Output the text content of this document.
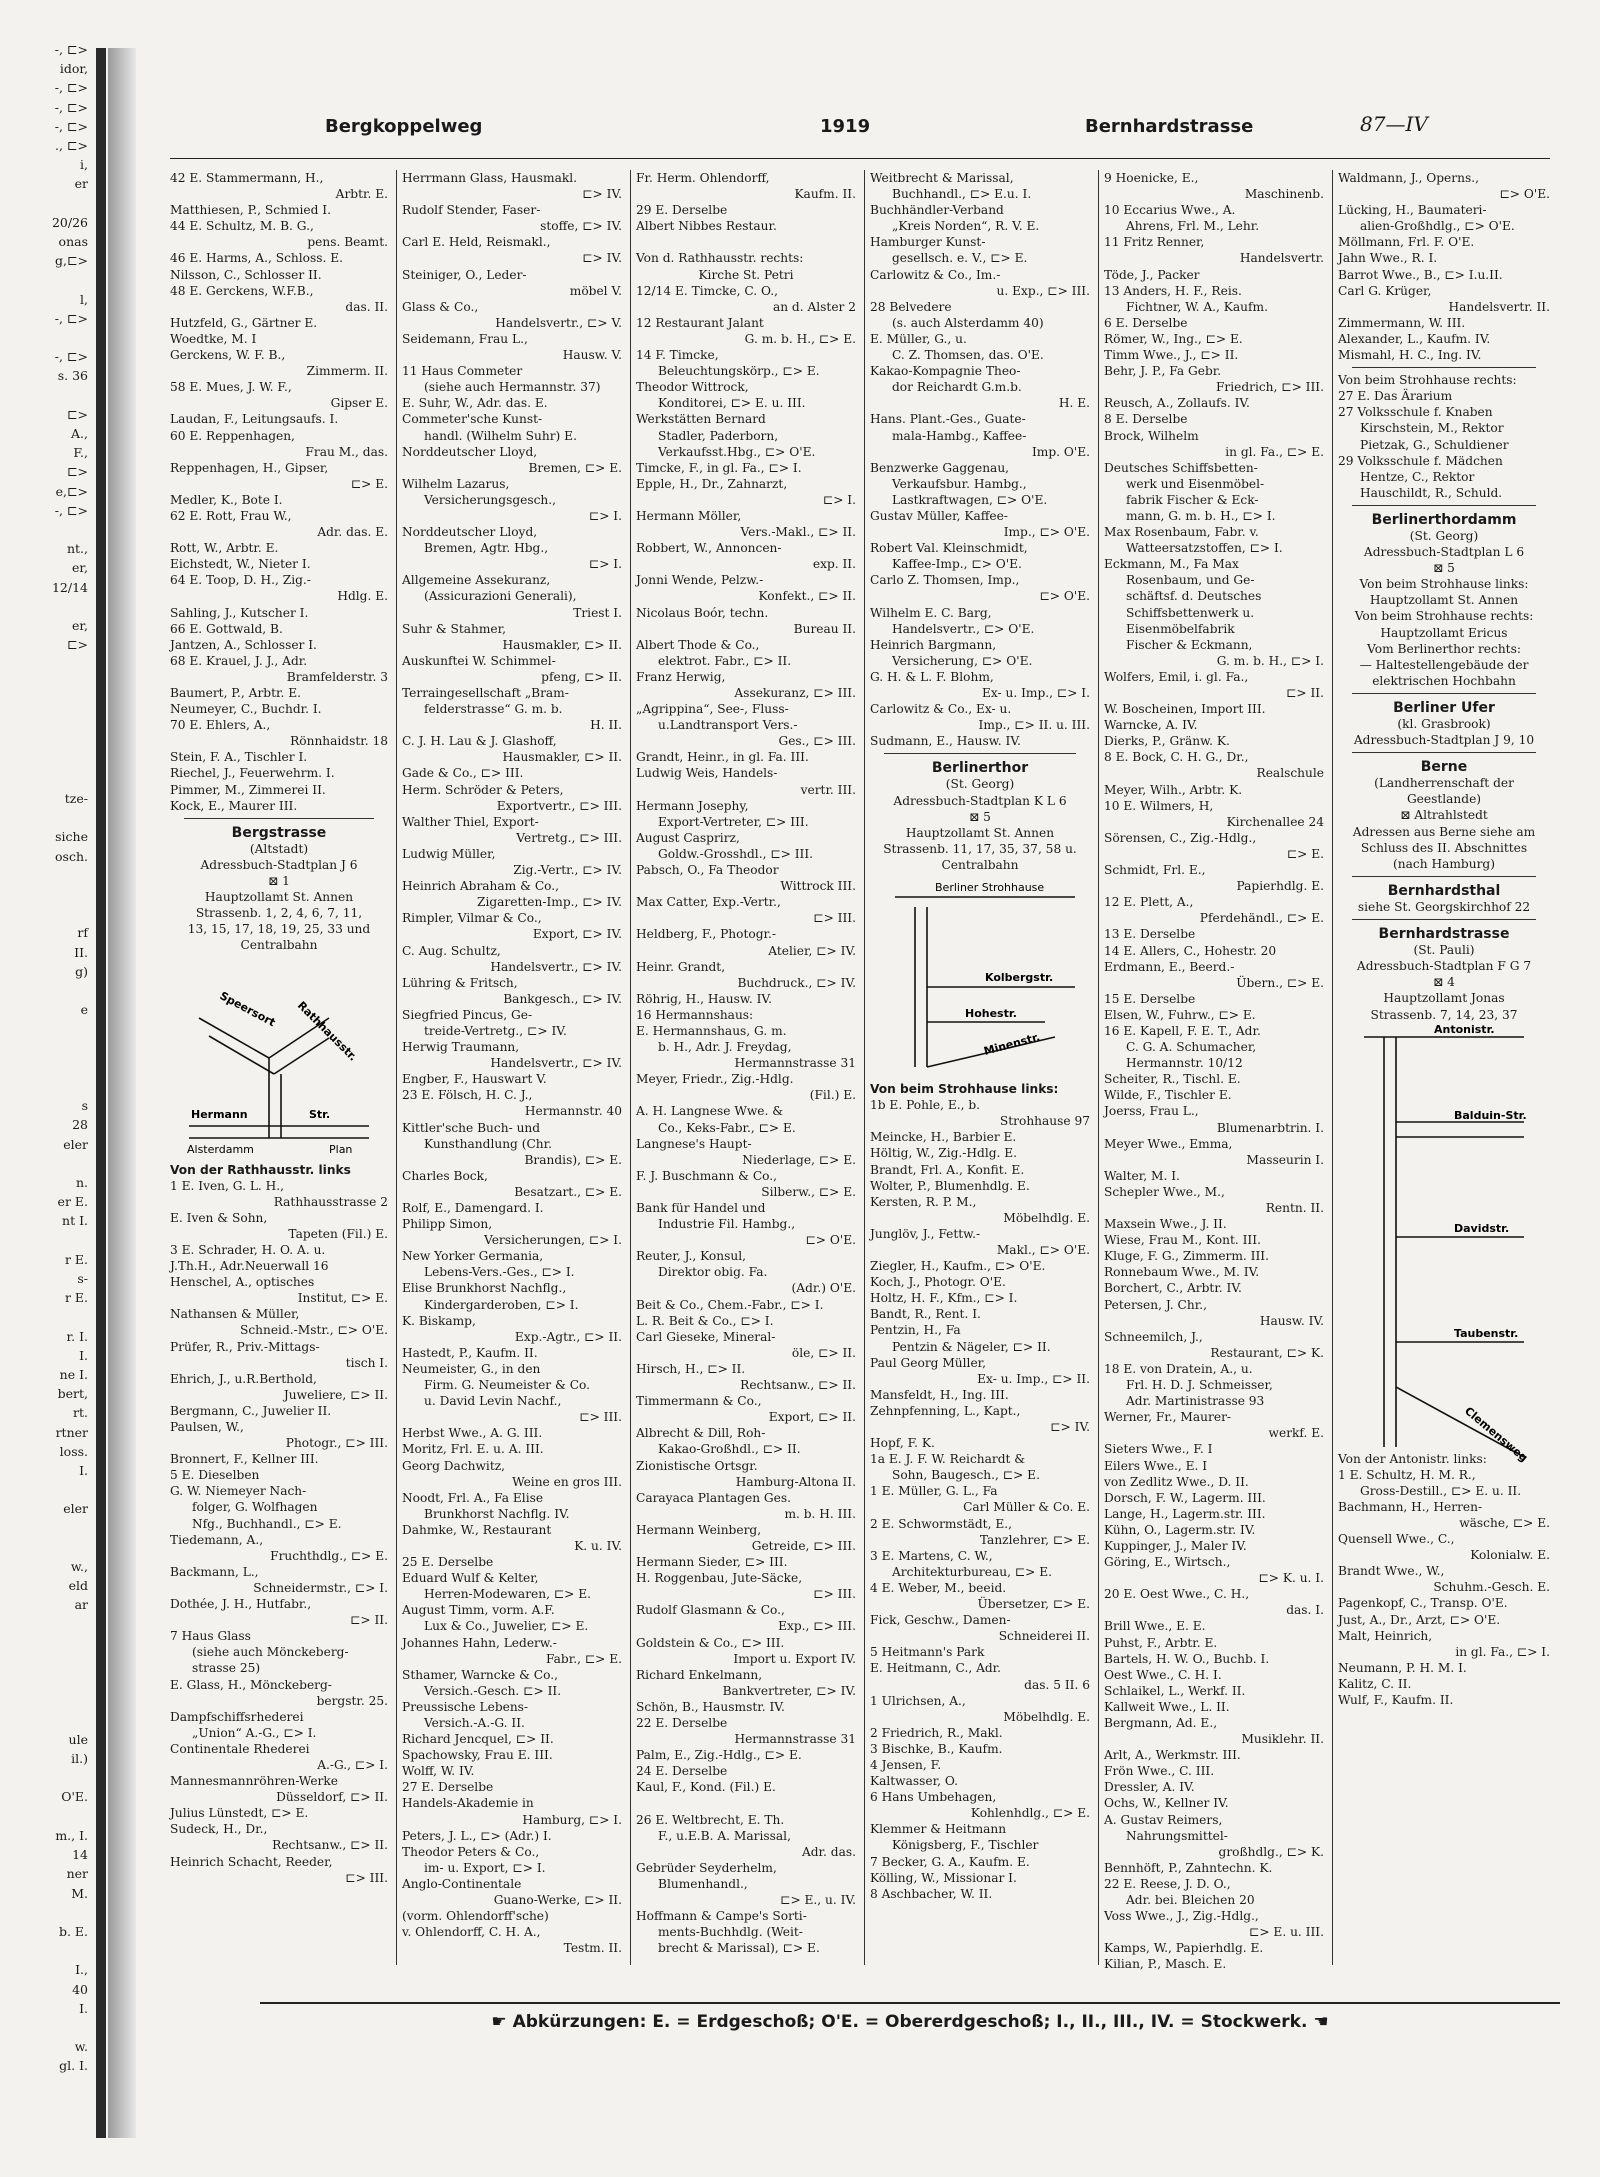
-, ⊏>
idor,
-, ⊏>
-, ⊏>
-, ⊏>
., ⊏>
i,
er

20/26
onas
g,⊏>

l,
-, ⊏>

-, ⊏>
s. 36

⊏>
A.,
F.,
⊏>
e,⊏>
-, ⊏>

nt.,
er,
12/14

er,
⊏>

tze-

siche
osch.

rf
II.
g)

e

s
28
eler

n.
er E.
nt I.

r E.
s-
r E.

r. I.
I.
ne I.
bert,
rt.
rtner
loss.
I.

eler

w.,
eld
ar

ule
il.)

O'E.

m., I.
14
ner
M.

b. E.

I.,
40
I.

w.
gl. I.
Bergkoppelweg	1919	Bernhardstrasse	87—IV
42 E. Stammermann, H.,
Arbtr. E.
Matthiesen, P., Schmied I.
44 E. Schultz, M. B. G.,
pens. Beamt.
46 E. Harms, A., Schloss. E.
Nilsson, C., Schlosser II.
48 E. Gerckens, W.F.B.,
das. II.
Hutzfeld, G., Gärtner E.
Woedtke, M. I
Gerckens, W. F. B.,
Zimmerm. II.
58 E. Mues, J. W. F.,
Gipser E.
Laudan, F., Leitungsaufs. I.
60 E. Reppenhagen,
Frau M., das.
Reppenhagen, H., Gipser,
⊏> E.
Medler, K., Bote I.
62 E. Rott, Frau W.,
Adr. das. E.
Rott, W., Arbtr. E.
Eichstedt, W., Nieter I.
64 E. Toop, D. H., Zig.-
Hdlg. E.
Sahling, J., Kutscher I.
66 E. Gottwald, B.
Jantzen, A., Schlosser I.
68 E. Krauel, J. J., Adr.
Bramfelderstr. 3
Baumert, P., Arbtr. E.
Neumeyer, C., Buchdr. I.
70 E. Ehlers, A.,
Rönnhaidstr. 18
Stein, F. A., Tischler I.
Riechel, J., Feuerwehrm. I.
Pimmer, M., Zimmerei II.
Kock, E., Maurer III.
Bergstrasse
(Altstadt)
Adressbuch-Stadtplan J 6
⊠ 1
Hauptzollamt St. Annen
Strassenb. 1, 2, 4, 6, 7, 11,
13, 15, 17, 18, 19, 25, 33 und
Centralbahn
Speersort Rathhausstr.
Hermann	Str.
Alsterdamm	Plan
Von der Rathhausstr. links
1 E. Iven, G. L. H.,
Rathhausstrasse 2
E. Iven & Sohn,
Tapeten (Fil.) E.
3 E. Schrader, H. O. A. u.
J.Th.H., Adr.Neuerwall 16
Henschel, A., optisches
Institut, ⊏> E.
Nathansen & Müller,
Schneid.-Mstr., ⊏> O'E.
Prüfer, R., Priv.-Mittags-
tisch I.
Ehrich, J., u.R.Berthold,
Juweliere, ⊏> II.
Bergmann, C., Juwelier II.
Paulsen, W.,
Photogr., ⊏> III.
Bronnert, F., Kellner III.
5 E. Dieselben
G. W. Niemeyer Nach-
folger, G. Wolfhagen
Nfg., Buchhandl., ⊏> E.
Tiedemann, A.,
Fruchthdlg., ⊏> E.
Backmann, L.,
Schneidermstr., ⊏> I.
Dothée, J. H., Hutfabr.,
⊏> II.
7 Haus Glass
(siehe auch Mönckeberg-
strasse 25)
E. Glass, H., Mönckeberg-
bergstr. 25.
Dampfschiffsrhederei
„Union“ A.-G., ⊏> I.
Continentale Rhederei
A.-G., ⊏> I.
Mannesmannröhren-Werke
Düsseldorf, ⊏> II.
Julius Lünstedt, ⊏> E.
Sudeck, H., Dr.,
Rechtsanw., ⊏> II.
Heinrich Schacht, Reeder,
⊏> III.
Herrmann Glass, Hausmakl.
⊏> IV.
Rudolf Stender, Faser-
stoffe, ⊏> IV.
Carl E. Held, Reismakl.,
⊏> IV.
Steiniger, O., Leder-
möbel V.
Glass & Co.,
Handelsvertr., ⊏> V.
Seidemann, Frau L.,
Hausw. V.
11 Haus Commeter
(siehe auch Hermannstr. 37)
E. Suhr, W., Adr. das. E.
Commeter'sche Kunst-
handl. (Wilhelm Suhr) E.
Norddeutscher Lloyd,
Bremen, ⊏> E.
Wilhelm Lazarus,
Versicherungsgesch.,
⊏> I.
Norddeutscher Lloyd,
Bremen, Agtr. Hbg.,
⊏> I.
Allgemeine Assekuranz,
(Assicurazioni Generali),
Triest I.
Suhr & Stahmer,
Hausmakler, ⊏> II.
Auskunftei W. Schimmel-
pfeng, ⊏> II.
Terraingesellschaft „Bram-
felderstrasse“ G. m. b.
H. II.
C. J. H. Lau & J. Glashoff,
Hausmakler, ⊏> II.
Gade & Co., ⊏> III.
Herm. Schröder & Peters,
Exportvertr., ⊏> III.
Walther Thiel, Export-
Vertretg., ⊏> III.
Ludwig Müller,
Zig.-Vertr., ⊏> IV.
Heinrich Abraham & Co.,
Zigaretten-Imp., ⊏> IV.
Rimpler, Vilmar & Co.,
Export, ⊏> IV.
C. Aug. Schultz,
Handelsvertr., ⊏> IV.
Lühring & Fritsch,
Bankgesch., ⊏> IV.
Siegfried Pincus, Ge-
treide-Vertretg., ⊏> IV.
Herwig Traumann,
Handelsvertr., ⊏> IV.
Engber, F., Hauswart V.
23 E. Fölsch, H. C. J.,
Hermannstr. 40
Kittler'sche Buch- und
Kunsthandlung (Chr.
Brandis), ⊏> E.
Charles Bock,
Besatzart., ⊏> E.
Rolf, E., Damengard. I.
Philipp Simon,
Versicherungen, ⊏> I.
New Yorker Germania,
Lebens-Vers.-Ges., ⊏> I.
Elise Brunkhorst Nachflg.,
Kindergarderoben, ⊏> I.
K. Biskamp,
Exp.-Agtr., ⊏> II.
Hastedt, P., Kaufm. II.
Neumeister, G., in den
Firm. G. Neumeister & Co.
u. David Levin Nachf.,
⊏> III.
Herbst Wwe., A. G. III.
Moritz, Frl. E. u. A. III.
Georg Dachwitz,
Weine en gros III.
Noodt, Frl. A., Fa Elise
Brunkhorst Nachflg. IV.
Dahmke, W., Restaurant
K. u. IV.
25 E. Derselbe
Eduard Wulf & Kelter,
Herren-Modewaren, ⊏> E.
August Timm, vorm. A.F.
Lux & Co., Juwelier, ⊏> E.
Johannes Hahn, Lederw.-
Fabr., ⊏> E.
Sthamer, Warncke & Co.,
Versich.-Gesch. ⊏> II.
Preussische Lebens-
Versich.-A.-G. II.
Richard Jencquel, ⊏> II.
Spachowsky, Frau E. III.
Wolff, W. IV.
27 E. Derselbe
Handels-Akademie in
Hamburg, ⊏> I.
Peters, J. L., ⊏> (Adr.) I.
Theodor Peters & Co.,
im- u. Export, ⊏> I.
Anglo-Continentale
Guano-Werke, ⊏> II.
(vorm. Ohlendorff'sche)
v. Ohlendorff, C. H. A.,
Testm. II.
Fr. Herm. Ohlendorff,
Kaufm. II.
29 E. Derselbe
Albert Nibbes Restaur.

Von d. Rathhausstr. rechts:
Kirche St. Petri
12/14 E. Timcke, C. O.,
an d. Alster 2
12 Restaurant Jalant
G. m. b. H., ⊏> E.
14 F. Timcke,
Beleuchtungskörp., ⊏> E.
Theodor Wittrock,
Konditorei, ⊏> E. u. III.
Werkstätten Bernard
Stadler, Paderborn,
Verkaufsst.Hbg., ⊏> O'E.
Timcke, F., in gl. Fa., ⊏> I.
Epple, H., Dr., Zahnarzt,
⊏> I.
Hermann Möller,
Vers.-Makl., ⊏> II.
Robbert, W., Annoncen-
exp. II.
Jonni Wende, Pelzw.-
Konfekt., ⊏> II.
Nicolaus Boór, techn.
Bureau II.
Albert Thode & Co.,
elektrot. Fabr., ⊏> II.
Franz Herwig,
Assekuranz, ⊏> III.
„Agrippina“, See-, Fluss-
u.Landtransport Vers.-
Ges., ⊏> III.
Grandt, Heinr., in gl. Fa. III.
Ludwig Weis, Handels-
vertr. III.
Hermann Josephy,
Export-Vertreter, ⊏> III.
August Casprirz,
Goldw.-Grosshdl., ⊏> III.
Pabsch, O., Fa Theodor
Wittrock III.
Max Catter, Exp.-Vertr.,
⊏> III.
Heldberg, F., Photogr.-
Atelier, ⊏> IV.
Heinr. Grandt,
Buchdruck., ⊏> IV.
Röhrig, H., Hausw. IV.
16 Hermannshaus:
E. Hermannshaus, G. m.
b. H., Adr. J. Freydag,
Hermannstrasse 31
Meyer, Friedr., Zig.-Hdlg.
(Fil.) E.
A. H. Langnese Wwe. &
Co., Keks-Fabr., ⊏> E.
Langnese's Haupt-
Niederlage, ⊏> E.
F. J. Buschmann & Co.,
Silberw., ⊏> E.
Bank für Handel und
Industrie Fil. Hambg.,
⊏> O'E.
Reuter, J., Konsul,
Direktor obig. Fa.
(Adr.) O'E.
Beit & Co., Chem.-Fabr., ⊏> I.
L. R. Beit & Co., ⊏> I.
Carl Gieseke, Mineral-
öle, ⊏> II.
Hirsch, H., ⊏> II.
Rechtsanw., ⊏> II.
Timmermann & Co.,
Export, ⊏> II.
Albrecht & Dill, Roh-
Kakao-Großhdl., ⊏> II.
Zionistische Ortsgr.
Hamburg-Altona II.
Carayaca Plantagen Ges.
m. b. H. III.
Hermann Weinberg,
Getreide, ⊏> III.
Hermann Sieder, ⊏> III.
H. Roggenbau, Jute-Säcke,
⊏> III.
Rudolf Glasmann & Co.,
Exp., ⊏> III.
Goldstein & Co., ⊏> III.
Import u. Export IV.
Richard Enkelmann,
Bankvertreter, ⊏> IV.
Schön, B., Hausmstr. IV.
22 E. Derselbe
Hermannstrasse 31
Palm, E., Zig.-Hdlg., ⊏> E.
24 E. Derselbe
Kaul, F., Kond. (Fil.) E.

26 E. Weltbrecht, E. Th.
F., u.E.B. A. Marissal,
Adr. das.
Gebrüder Seyderhelm,
Blumenhandl.,
⊏> E., u. IV.
Hoffmann & Campe's Sorti-
ments-Buchhdlg. (Weit-
brecht & Marissal), ⊏> E.
Weitbrecht & Marissal,
Buchhandl., ⊏> E.u. I.
Buchhändler-Verband
„Kreis Norden“, R. V. E.
Hamburger Kunst-
gesellsch. e. V., ⊏> E.
Carlowitz & Co., Im.-
u. Exp., ⊏> III.
28 Belvedere
(s. auch Alsterdamm 40)
E. Müller, G., u.
C. Z. Thomsen, das. O'E.
Kakao-Kompagnie Theo-
dor Reichardt G.m.b.
H. E.
Hans. Plant.-Ges., Guate-
mala-Hambg., Kaffee-
Imp. O'E.
Benzwerke Gaggenau,
Verkaufsbur. Hambg.,
Lastkraftwagen, ⊏> O'E.
Gustav Müller, Kaffee-
Imp., ⊏> O'E.
Robert Val. Kleinschmidt,
Kaffee-Imp., ⊏> O'E.
Carlo Z. Thomsen, Imp.,
⊏> O'E.
Wilhelm E. C. Barg,
Handelsvertr., ⊏> O'E.
Heinrich Bargmann,
Versicherung, ⊏> O'E.
G. H. & L. F. Blohm,
Ex- u. Imp., ⊏> I.
Carlowitz & Co., Ex- u.
Imp., ⊏> II. u. III.
Sudmann, E., Hausw. IV.
Berlinerthor
(St. Georg)
Adressbuch-Stadtplan K L 6
⊠ 5
Hauptzollamt St. Annen
Strassenb. 11, 17, 35, 37, 58 u.
Centralbahn
Berliner Strohhause
Kolbergstr.
Hohestr.
Minenstr.
Von beim Strohhause links:
1b E. Pohle, E., b.
Strohhause 97
Meincke, H., Barbier E.
Höltig, W., Zig.-Hdlg. E.
Brandt, Frl. A., Konfit. E.
Wolter, P., Blumenhdlg. E.
Kersten, R. P. M.,
Möbelhdlg. E.
Junglöv, J., Fettw.-
Makl., ⊏> O'E.
Ziegler, H., Kaufm., ⊏> O'E.
Koch, J., Photogr. O'E.
Holtz, H. F., Kfm., ⊏> I.
Bandt, R., Rent. I.
Pentzin, H., Fa
Pentzin & Nägeler, ⊏> II.
Paul Georg Müller,
Ex- u. Imp., ⊏> II.
Mansfeldt, H., Ing. III.
Zehnpfenning, L., Kapt.,
⊏> IV.
Hopf, F. K.
1a E. J. F. W. Reichardt &
Sohn, Baugesch., ⊏> E.
1 E. Müller, G. L., Fa
Carl Müller & Co. E.
2 E. Schwormstädt, E.,
Tanzlehrer, ⊏> E.
3 E. Martens, C. W.,
Architekturbureau, ⊏> E.
4 E. Weber, M., beeid.
Übersetzer, ⊏> E.
Fick, Geschw., Damen-
Schneiderei II.
5 Heitmann's Park
E. Heitmann, C., Adr.
das. 5 II. 6
1 Ulrichsen, A.,
Möbelhdlg. E.
2 Friedrich, R., Makl.
3 Bischke, B., Kaufm.
4 Jensen, F.
Kaltwasser, O.
6 Hans Umbehagen,
Kohlenhdlg., ⊏> E.
Klemmer & Heitmann
Königsberg, F., Tischler
7 Becker, G. A., Kaufm. E.
Kölling, W., Missionar I.
8 Aschbacher, W. II.
9 Hoenicke, E.,
Maschinenb.
10 Eccarius Wwe., A.
Ahrens, Frl. M., Lehr.
11 Fritz Renner,
Handelsvertr.
Töde, J., Packer
13 Anders, H. F., Reis.
Fichtner, W. A., Kaufm.
6 E. Derselbe
Römer, W., Ing., ⊏> E.
Timm Wwe., J., ⊏> II.
Behr, J. P., Fa Gebr.
Friedrich, ⊏> III.
Reusch, A., Zollaufs. IV.
8 E. Derselbe
Brock, Wilhelm
in gl. Fa., ⊏> E.
Deutsches Schiffsbetten-
werk und Eisenmöbel-
fabrik Fischer & Eck-
mann, G. m. b. H., ⊏> I.
Max Rosenbaum, Fabr. v.
Watteersatzstoffen, ⊏> I.
Eckmann, M., Fa Max
Rosenbaum, und Ge-
schäftsf. d. Deutsches
Schiffsbettenwerk u.
Eisenmöbelfabrik
Fischer & Eckmann,
G. m. b. H., ⊏> I.
Wolfers, Emil, i. gl. Fa.,
⊏> II.
W. Boscheinen, Import III.
Warncke, A. IV.
Dierks, P., Gränw. K.
8 E. Bock, C. H. G., Dr.,
Realschule
Meyer, Wilh., Arbtr. K.
10 E. Wilmers, H,
Kirchenallee 24
Sörensen, C., Zig.-Hdlg.,
⊏> E.
Schmidt, Frl. E.,
Papierhdlg. E.
12 E. Plett, A.,
Pferdehändl., ⊏> E.
13 E. Derselbe
14 E. Allers, C., Hohestr. 20
Erdmann, E., Beerd.-
Übern., ⊏> E.
15 E. Derselbe
Elsen, W., Fuhrw., ⊏> E.
16 E. Kapell, F. E. T., Adr.
C. G. A. Schumacher,
Hermannstr. 10/12
Scheiter, R., Tischl. E.
Wilde, F., Tischler E.
Joerss, Frau L.,
Blumenarbtrin. I.
Meyer Wwe., Emma,
Masseurin I.
Walter, M. I.
Schepler Wwe., M.,
Rentn. II.
Maxsein Wwe., J. II.
Wiese, Frau M., Kont. III.
Kluge, F. G., Zimmerm. III.
Ronnebaum Wwe., M. IV.
Borchert, C., Arbtr. IV.
Petersen, J. Chr.,
Hausw. IV.
Schneemilch, J.,
Restaurant, ⊏> K.
18 E. von Dratein, A., u.
Frl. H. D. J. Schmeisser,
Adr. Martinistrasse 93
Werner, Fr., Maurer-
werkf. E.
Sieters Wwe., F. I
Eilers Wwe., E. I
von Zedlitz Wwe., D. II.
Dorsch, F. W., Lagerm. III.
Lange, H., Lagerm.str. III.
Kühn, O., Lagerm.str. IV.
Kuppinger, J., Maler IV.
Göring, E., Wirtsch.,
⊏> K. u. I.
20 E. Oest Wwe., C. H.,
das. I.
Brill Wwe., E. E.
Puhst, F., Arbtr. E.
Bartels, H. W. O., Buchb. I.
Oest Wwe., C. H. I.
Schlaikel, L., Werkf. II.
Kallweit Wwe., L. II.
Bergmann, Ad. E.,
Musiklehr. II.
Arlt, A., Werkmstr. III.
Frön Wwe., C. III.
Dressler, A. IV.
Ochs, W., Kellner IV.
A. Gustav Reimers,
Nahrungsmittel-
großhdlg., ⊏> K.
Bennhöft, P., Zahntechn. K.
22 E. Reese, J. D. O.,
Adr. bei. Bleichen 20
Voss Wwe., J., Zig.-Hdlg.,
⊏> E. u. III.
Kamps, W., Papierhdlg. E.
Kilian, P., Masch. E.
Waldmann, J., Operns.,
⊏> O'E.
Lücking, H., Baumateri-
alien-Großhdlg., ⊏> O'E.
Möllmann, Frl. F. O'E.
Jahn Wwe., R. I.
Barrot Wwe., B., ⊏> I.u.II.
Carl G. Krüger,
Handelsvertr. II.
Zimmermann, W. III.
Alexander, L., Kaufm. IV.
Mismahl, H. C., Ing. IV.
Von beim Strohhause rechts:
27 E. Das Ärarium
27 Volksschule f. Knaben
Kirschstein, M., Rektor
Pietzak, G., Schuldiener
29 Volksschule f. Mädchen
Hentze, C., Rektor
Hauschildt, R., Schuld.
Berlinerthordamm
(St. Georg)
Adressbuch-Stadtplan L 6
⊠ 5
Von beim Strohhause links:
Hauptzollamt St. Annen
Von beim Strohhause rechts:
Hauptzollamt Ericus
Vom Berlinerthor rechts:
— Haltestellengebäude der
elektrischen Hochbahn
Berliner Ufer
(kl. Grasbrook)
Adressbuch-Stadtplan J 9, 10
Berne
(Landherrenschaft der
Geestlande)
⊠ Altrahlstedt
Adressen aus Berne siehe am
Schluss des II. Abschnittes
(nach Hamburg)
Bernhardsthal
siehe St. Georgskirchhof 22
Bernhardstrasse
(St. Pauli)
Adressbuch-Stadtplan F G 7
⊠ 4
Hauptzollamt Jonas
Strassenb. 7, 14, 23, 37
Antonistr.
Balduin-Str.
Davidstr.
Taubenstr.
Clemensweg
Von der Antonistr. links:
1 E. Schultz, H. M. R.,
Gross-Destill., ⊏> E. u. II.
Bachmann, H., Herren-
wäsche, ⊏> E.
Quensell Wwe., C.,
Kolonialw. E.
Brandt Wwe., W.,
Schuhm.-Gesch. E.
Pagenkopf, C., Transp. O'E.
Just, A., Dr., Arzt, ⊏> O'E.
Malt, Heinrich,
in gl. Fa., ⊏> I.
Neumann, P. H. M. I.
Kalitz, C. II.
Wulf, F., Kaufm. II.
☛ Abkürzungen: E. = Erdgeschoß; O'E. = Obererdgeschoß; I., II., III., IV. = Stockwerk. ☚
